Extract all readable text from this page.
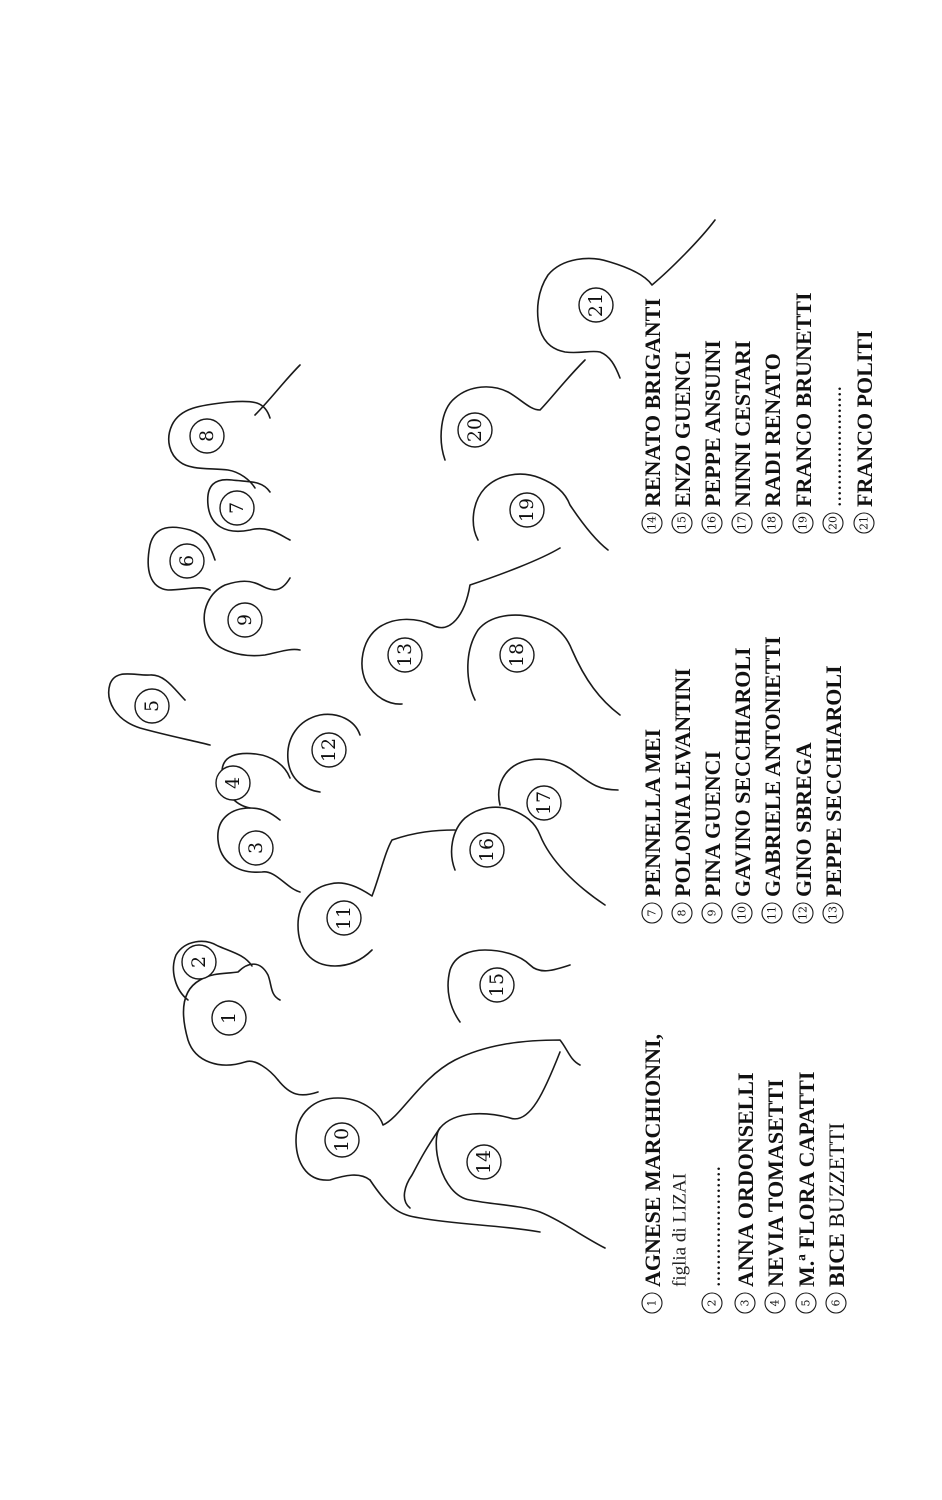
1
2
3
4
5
6
7
8
9
10
11
12
13
14
15
16
17
18
19
20
21
1
AGNESE MARCHIONNI, figlia di LIZAI
2
......................
3
ANNA ORDONSELLI
4
NEVIA TOMASETTI
5
M.ª FLORA CAPATTI
6
BICE BUZZETTI
7
PENNELLA MEI
8
POLONIA LEVANTINI
9
PINA GUENCI
10
GAVINO SECCHIAROLI
11
GABRIELE ANTONIETTI
12
GINO SBREGA
13
PEPPE SECCHIAROLI
14
RENATO BRIGANTI
15
ENZO GUENCI
16
PEPPE ANSUINI
17
NINNI CESTARI
18
RADI RENATO
19
FRANCO BRUNETTI
20
......................
21
FRANCO POLITI
